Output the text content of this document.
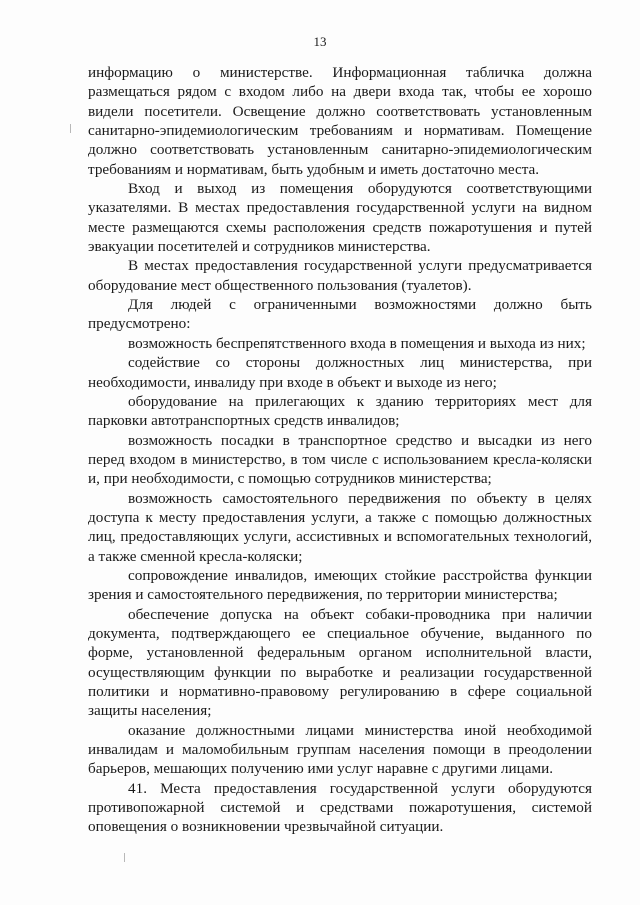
13

информацию о министерстве. Информационная табличка должна размещаться рядом с входом либо на двери входа так, чтобы ее хорошо видели посетители. Освещение должно соответствовать установленным санитарно-эпидемиологическим требованиям и нормативам. Помещение должно соответствовать установленным санитарно-эпидемиологическим требованиям и нормативам, быть удобным и иметь достаточно места.

Вход и выход из помещения оборудуются соответствующими указателями. В местах предоставления государственной услуги на видном месте размещаются схемы расположения средств пожаротушения и путей эвакуации посетителей и сотрудников министерства.

В местах предоставления государственной услуги предусматривается оборудование мест общественного пользования (туалетов).

Для людей с ограниченными возможностями должно быть предусмотрено:

возможность беспрепятственного входа в помещения и выхода из них;

содействие со стороны должностных лиц министерства, при необходимости, инвалиду при входе в объект и выходе из него;

оборудование на прилегающих к зданию территориях мест для парковки автотранспортных средств инвалидов;

возможность посадки в транспортное средство и высадки из него перед входом в министерство, в том числе с использованием кресла-коляски и, при необходимости, с помощью сотрудников министерства;

возможность самостоятельного передвижения по объекту в целях доступа к месту предоставления услуги, а также с помощью должностных лиц, предоставляющих услуги, ассистивных и вспомогательных технологий, а также сменной кресла-коляски;

сопровождение инвалидов, имеющих стойкие расстройства функции зрения и самостоятельного передвижения, по территории министерства;

обеспечение допуска на объект собаки-проводника при наличии документа, подтверждающего ее специальное обучение, выданного по форме, установленной федеральным органом исполнительной власти, осуществляющим функции по выработке и реализации государственной политики и нормативно-правовому регулированию в сфере социальной защиты населения;

оказание должностными лицами министерства иной необходимой инвалидам и маломобильным группам населения помощи в преодолении барьеров, мешающих получению ими услуг наравне с другими лицами.

41. Места предоставления государственной услуги оборудуются противопожарной системой и средствами пожаротушения, системой оповещения о возникновении чрезвычайной ситуации.
